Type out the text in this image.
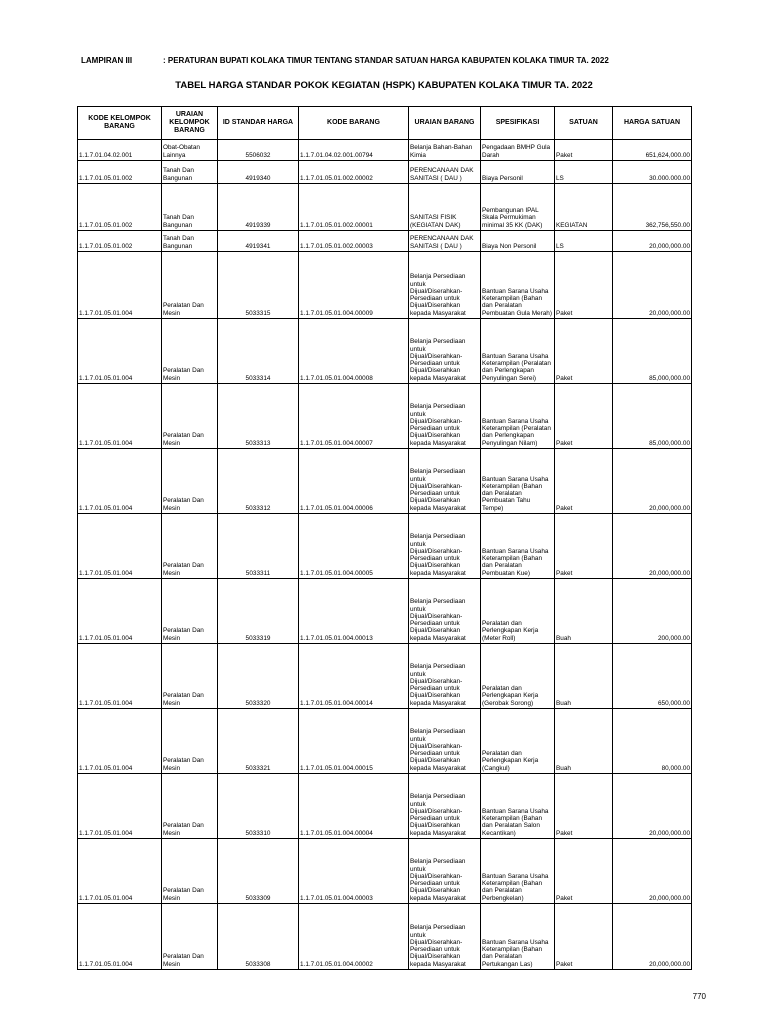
LAMPIRAN III	: PERATURAN BUPATI KOLAKA TIMUR TENTANG STANDAR SATUAN HARGA KABUPATEN KOLAKA TIMUR TA. 2022
TABEL HARGA STANDAR POKOK KEGIATAN (HSPK) KABUPATEN KOLAKA TIMUR TA. 2022
KODE KELOMPOK BARANG	URAIAN KELOMPOK BARANG	ID STANDAR HARGA	KODE BARANG	URAIAN BARANG	SPESIFIKASI	SATUAN	HARGA SATUAN
1.1.7.01.04.02.001	Obat-Obatan Lainnya	5506032	1.1.7.01.04.02.001.00794	Belanja Bahan-Bahan Kimia	Pengadaan BMHP Gula Darah	Paket	651,624,000.00
1.1.7.01.05.01.002	Tanah Dan Bangunan	4919340	1.1.7.01.05.01.002.00002	PERENCANAAN DAK SANITASI ( DAU )	Biaya Personil	LS	30.000.000.00
1.1.7.01.05.01.002	Tanah Dan Bangunan	4919339	1.1.7.01.05.01.002.00001	SANITASI FISIK (KEGIATAN DAK)	Pembangunan IPAL Skala Permukiman minimal 35 KK (DAK)	KEGIATAN	362,756,550.00
1.1.7.01.05.01.002	Tanah Dan Bangunan	4919341	1.1.7.01.05.01.002.00003	PERENCANAAN DAK SANITASI ( DAU )	Biaya Non Personil	LS	20,000,000.00
1.1.7.01.05.01.004	Peralatan Dan Mesin	5033315	1.1.7.01.05.01.004.00009	Belanja Persediaan untuk Dijual/Diserahkan-Persediaan untuk Dijual/Diserahkan kepada Masyarakat	Bantuan Sarana Usaha Keterampilan (Bahan dan Peralatan Pembuatan Gula Merah)	Paket	20,000,000.00
1.1.7.01.05.01.004	Peralatan Dan Mesin	5033314	1.1.7.01.05.01.004.00008	Belanja Persediaan untuk Dijual/Diserahkan-Persediaan untuk Dijual/Diserahkan kepada Masyarakat	Bantuan Sarana Usaha Keterampilan (Peralatan dan Perlengkapan Penyulingan Serei)	Paket	85,000,000.00
1.1.7.01.05.01.004	Peralatan Dan Mesin	5033313	1.1.7.01.05.01.004.00007	Belanja Persediaan untuk Dijual/Diserahkan-Persediaan untuk Dijual/Diserahkan kepada Masyarakat	Bantuan Sarana Usaha Keterampilan (Peralatan dan Perlengkapan Penyulingan Nilam)	Paket	85,000,000.00
1.1.7.01.05.01.004	Peralatan Dan Mesin	5033312	1.1.7.01.05.01.004.00006	Belanja Persediaan untuk Dijual/Diserahkan-Persediaan untuk Dijual/Diserahkan kepada Masyarakat	Bantuan Sarana Usaha Keterampilan (Bahan dan Peralatan Pembuatan Tahu Tempe)	Paket	20,000,000.00
1.1.7.01.05.01.004	Peralatan Dan Mesin	5033311	1.1.7.01.05.01.004.00005	Belanja Persediaan untuk Dijual/Diserahkan-Persediaan untuk Dijual/Diserahkan kepada Masyarakat	Bantuan Sarana Usaha Keterampilan (Bahan dan Peralatan Pembuatan Kue)	Paket	20,000,000.00
1.1.7.01.05.01.004	Peralatan Dan Mesin	5033319	1.1.7.01.05.01.004.00013	Belanja Persediaan untuk Dijual/Diserahkan-Persediaan untuk Dijual/Diserahkan kepada Masyarakat	Peralatan dan Perlengkapan Kerja (Meter Roll)	Buah	200,000.00
1.1.7.01.05.01.004	Peralatan Dan Mesin	5033320	1.1.7.01.05.01.004.00014	Belanja Persediaan untuk Dijual/Diserahkan-Persediaan untuk Dijual/Diserahkan kepada Masyarakat	Peralatan dan Perlengkapan Kerja (Gerobak Sorong)	Buah	650,000.00
1.1.7.01.05.01.004	Peralatan Dan Mesin	5033321	1.1.7.01.05.01.004.00015	Belanja Persediaan untuk Dijual/Diserahkan-Persediaan untuk Dijual/Diserahkan kepada Masyarakat	Peralatan dan Perlengkapan Kerja (Cangkul)	Buah	80,000.00
1.1.7.01.05.01.004	Peralatan Dan Mesin	5033310	1.1.7.01.05.01.004.00004	Belanja Persediaan untuk Dijual/Diserahkan-Persediaan untuk Dijual/Diserahkan kepada Masyarakat	Bantuan Sarana Usaha Keterampilan (Bahan dan Peralatan Salon Kecantikan)	Paket	20,000,000.00
1.1.7.01.05.01.004	Peralatan Dan Mesin	5033309	1.1.7.01.05.01.004.00003	Belanja Persediaan untuk Dijual/Diserahkan-Persediaan untuk Dijual/Diserahkan kepada Masyarakat	Bantuan Sarana Usaha Keterampilan (Bahan dan Peralatan Perbengkelan)	Paket	20,000,000.00
1.1.7.01.05.01.004	Peralatan Dan Mesin	5033308	1.1.7.01.05.01.004.00002	Belanja Persediaan untuk Dijual/Diserahkan-Persediaan untuk Dijual/Diserahkan kepada Masyarakat	Bantuan Sarana Usaha Keterampilan (Bahan dan Peralatan Pertukangan Las)	Paket	20,000,000.00
770
